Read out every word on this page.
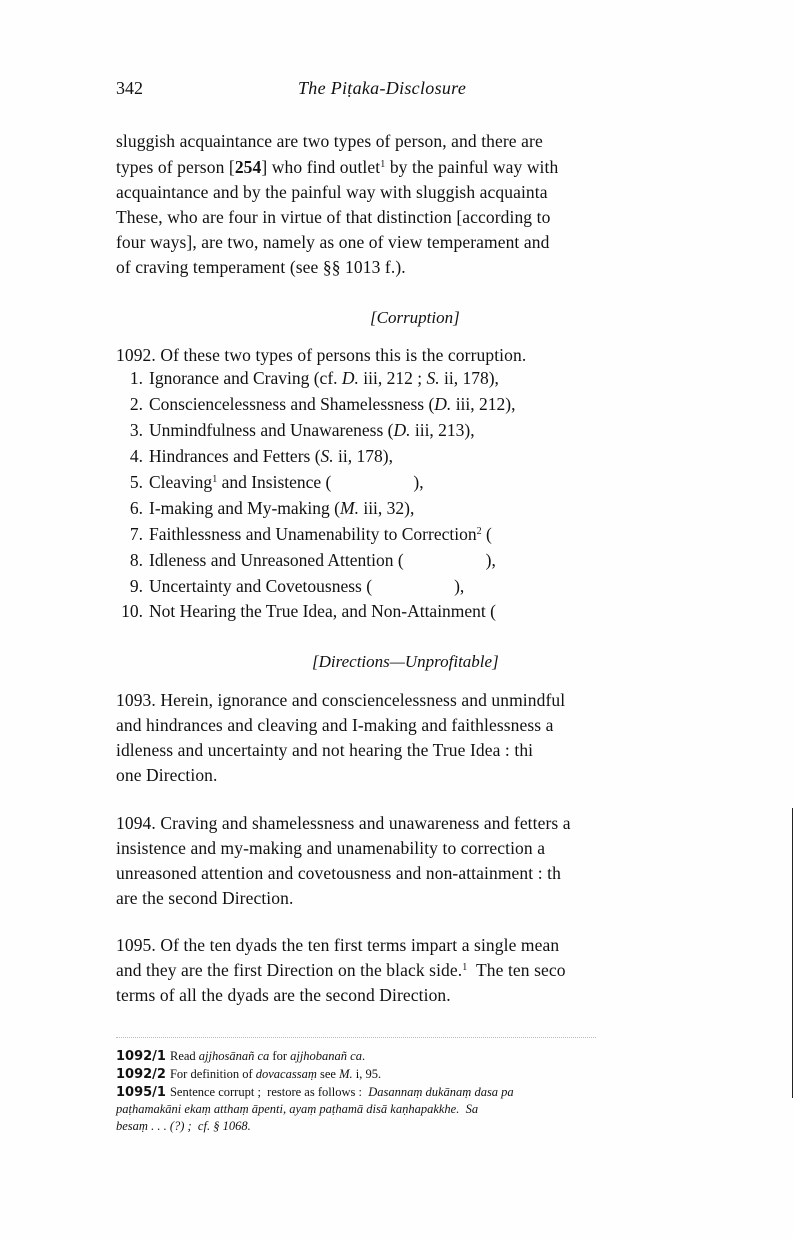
342	The Piṭaka-Disclosure
sluggish acquaintance are two types of person, and there are
types of person [254] who find outlet$^1$ by the painful way with
acquaintance and by the painful way with sluggish acquainta
These, who are four in virtue of that distinction [according to
four ways], are two, namely as one of view temperament and
of craving temperament (see §§ 1013 f.).
[Corruption]
1092. Of these two types of persons this is the corruption.
1. Ignorance and Craving (cf. D. iii, 212 ; S. ii, 178),
2. Consciencelessness and Shamelessness (D. iii, 212),
3. Unmindfulness and Unawareness (D. iii, 213),
4. Hindrances and Fetters (S. ii, 178),
5. Cleaving$^1$ and Insistence (	),
6. I-making and My-making (M. iii, 32),
7. Faithlessness and Unamenability to Correction$^2$ (
8. Idleness and Unreasoned Attention (	),
9. Uncertainty and Covetousness (	),
10. Not Hearing the True Idea, and Non-Attainment (
[Directions—Unprofitable]
1093. Herein, ignorance and consciencelessness and unmindful
and hindrances and cleaving and I-making and faithlessness a
idleness and uncertainty and not hearing the True Idea : thi
one Direction.
1094. Craving and shamelessness and unawareness and fetters a
insistence and my-making and unamenability to correction a
unreasoned attention and covetousness and non-attainment : th
are the second Direction.
1095. Of the ten dyads the ten first terms impart a single mean
and they are the first Direction on the black side.$^1$  The ten seco
terms of all the dyads are the second Direction.
1092/1 Read ajjhosānañ ca for ajjhobanañ ca.
1092/2 For definition of dovacassaṃ see M. i, 95.
1095/1 Sentence corrupt ;  restore as follows :  Dasannaṃ dukānaṃ dasa pa
paṭhamakāni ekaṃ atthaṃ āpenti, ayaṃ paṭhamā disā kaṇhapakkhe. Sa
besaṃ . . . (?) ;  cf. § 1068.
